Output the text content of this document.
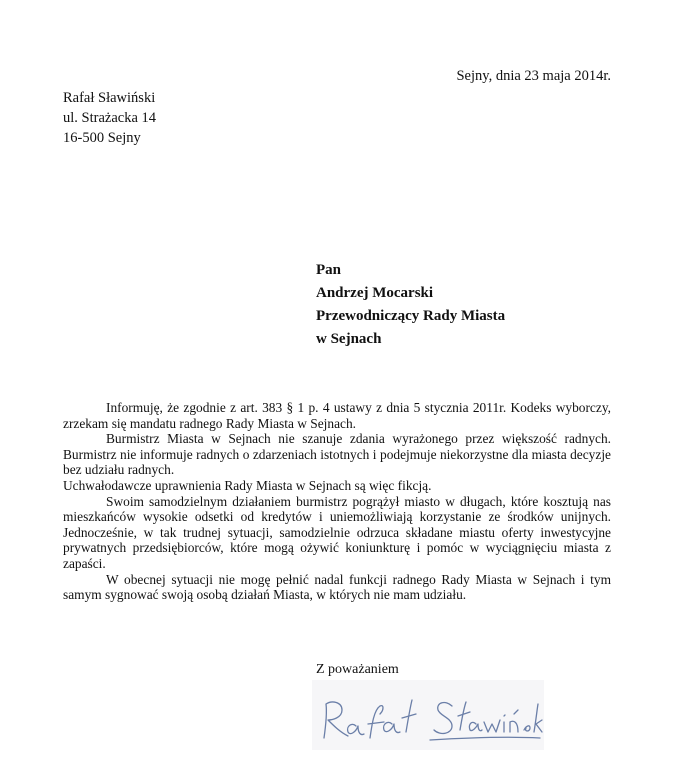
Sejny, dnia 23 maja 2014r.
Rafał Sławiński
ul. Strażacka 14
16-500 Sejny
Pan
Andrzej Mocarski
Przewodniczący Rady Miasta
w Sejnach

Informuję, że zgodnie z art. 383 § 1 p. 4 ustawy z dnia 5 stycznia 2011r. Kodeks wyborczy, zrzekam się mandatu radnego Rady Miasta w Sejnach.

Burmistrz Miasta w Sejnach nie szanuje zdania wyrażonego przez większość radnych. Burmistrz nie informuje radnych o zdarzeniach istotnych i podejmuje niekorzystne dla miasta decyzje bez udziału radnych.

Uchwałodawcze uprawnienia Rady Miasta w Sejnach są więc fikcją.

Swoim samodzielnym działaniem burmistrz pogrążył miasto w długach, które kosztują nas mieszkańców wysokie odsetki od kredytów i uniemożliwiają korzystanie ze środków unijnych. Jednocześnie, w tak trudnej sytuacji, samodzielnie odrzuca składane miastu oferty inwestycyjne prywatnych przedsiębiorców, które mogą ożywić koniunkturę i pomóc w wyciągnięciu miasta z zapaści.

W obecnej sytuacji nie mogę pełnić nadal funkcji radnego Rady Miasta w Sejnach i tym samym sygnować swoją osobą działań Miasta, w których nie mam udziału.

Z poważaniem
